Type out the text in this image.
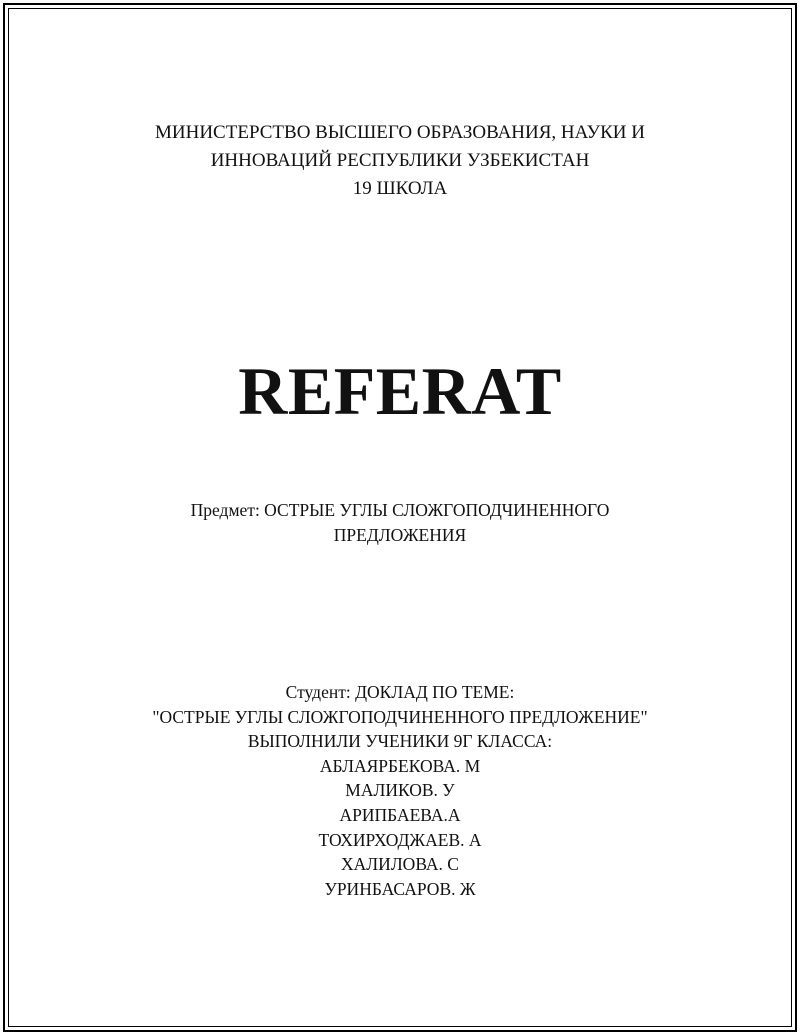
МИНИСТЕРСТВО ВЫСШЕГО ОБРАЗОВАНИЯ, НАУКИ И
ИННОВАЦИЙ РЕСПУБЛИКИ УЗБЕКИСТАН
19 ШКОЛА
REFERAT
Предмет: ОСТРЫЕ УГЛЫ СЛОЖГОПОДЧИНЕННОГО
ПРЕДЛОЖЕНИЯ
Студент: ДОКЛАД ПО ТЕМЕ:
"ОСТРЫЕ УГЛЫ СЛОЖГОПОДЧИНЕННОГО ПРЕДЛОЖЕНИЕ"
ВЫПОЛНИЛИ УЧЕНИКИ 9Г КЛАССА:
АБЛАЯРБЕКОВА. М
МАЛИКОВ. У
АРИПБАЕВА.А
ТОХИРХОДЖАЕВ. А
ХАЛИЛОВА. С
УРИНБАСАРОВ. Ж
